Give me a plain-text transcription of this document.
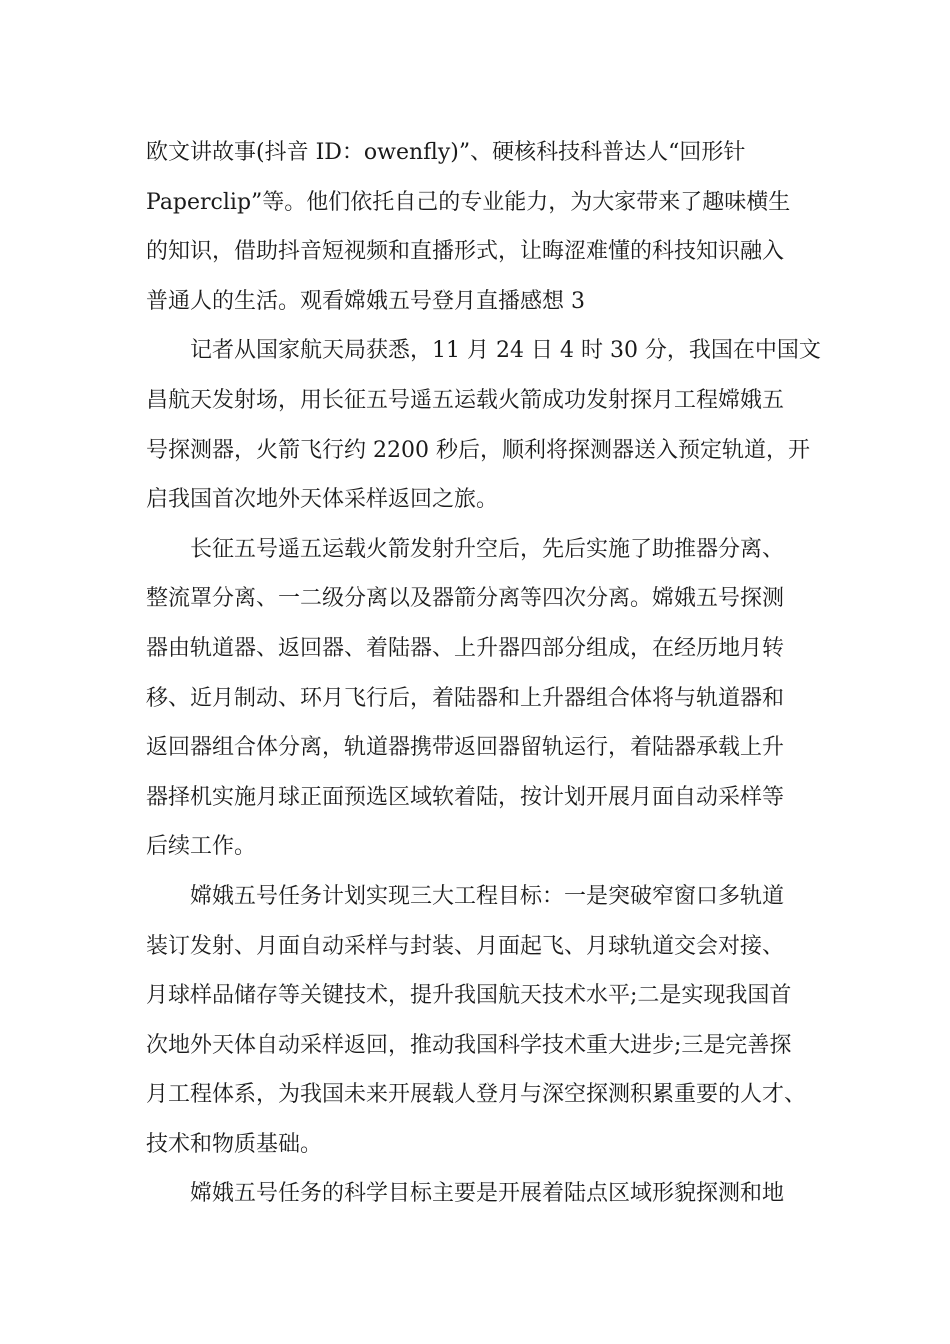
欧文讲故事(抖音 ID：owenfly)”、硬核科技科普达人“回形针
Paperclip”等。他们依托自己的专业能力，为大家带来了趣味横生
的知识，借助抖音短视频和直播形式，让晦涩难懂的科技知识融入
普通人的生活。观看嫦娥五号登月直播感想 3
记者从国家航天局获悉，11 月 24 日 4 时 30 分，我国在中国文
昌航天发射场，用长征五号遥五运载火箭成功发射探月工程嫦娥五
号探测器，火箭飞行约 2200 秒后，顺利将探测器送入预定轨道，开
启我国首次地外天体采样返回之旅。
长征五号遥五运载火箭发射升空后，先后实施了助推器分离、
整流罩分离、一二级分离以及器箭分离等四次分离。嫦娥五号探测
器由轨道器、返回器、着陆器、上升器四部分组成，在经历地月转
移、近月制动、环月飞行后，着陆器和上升器组合体将与轨道器和
返回器组合体分离，轨道器携带返回器留轨运行，着陆器承载上升
器择机实施月球正面预选区域软着陆，按计划开展月面自动采样等
后续工作。
嫦娥五号任务计划实现三大工程目标：一是突破窄窗口多轨道
装订发射、月面自动采样与封装、月面起飞、月球轨道交会对接、
月球样品储存等关键技术，提升我国航天技术水平;二是实现我国首
次地外天体自动采样返回，推动我国科学技术重大进步;三是完善探
月工程体系，为我国未来开展载人登月与深空探测积累重要的人才、
技术和物质基础。
嫦娥五号任务的科学目标主要是开展着陆点区域形貌探测和地
